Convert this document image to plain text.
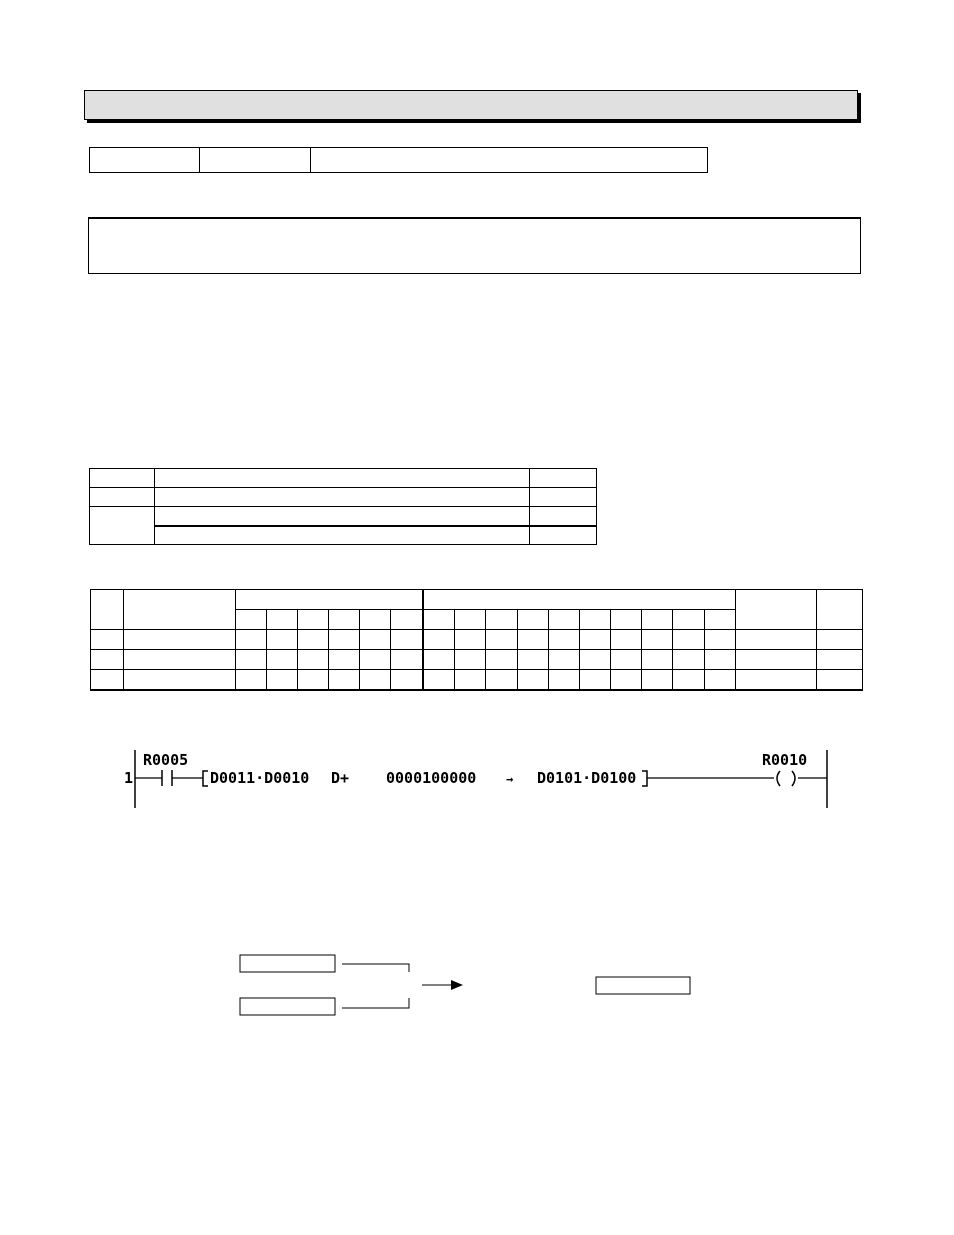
1
R0005
D0011·D0010 D+ 0000100000 → D0101·D0100
R0010
